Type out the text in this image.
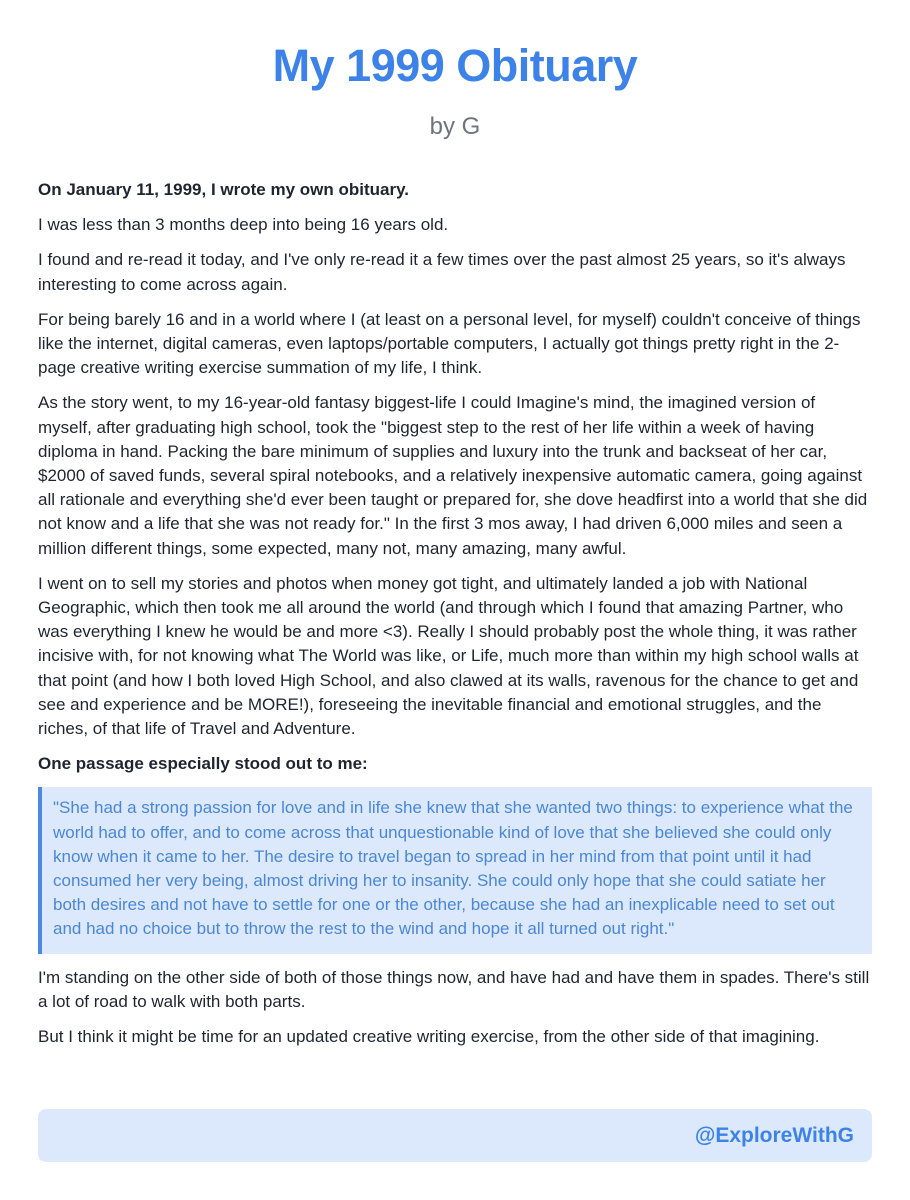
My 1999 Obituary
by G

On January 11, 1999, I wrote my own obituary.

I was less than 3 months deep into being 16 years old.

I found and re-read it today, and I've only re-read it a few times over the past almost 25 years, so it's always interesting to come across again.

For being barely 16 and in a world where I (at least on a personal level, for myself) couldn't conceive of things like the internet, digital cameras, even laptops/portable computers, I actually got things pretty right in the 2-page creative writing exercise summation of my life, I think.

As the story went, to my 16-year-old fantasy biggest-life I could Imagine's mind, the imagined version of myself, after graduating high school, took the "biggest step to the rest of her life within a week of having diploma in hand. Packing the bare minimum of supplies and luxury into the trunk and backseat of her car, $2000 of saved funds, several spiral notebooks, and a relatively inexpensive automatic camera, going against all rationale and everything she'd ever been taught or prepared for, she dove headfirst into a world that she did not know and a life that she was not ready for." In the first 3 mos away, I had driven 6,000 miles and seen a million different things, some expected, many not, many amazing, many awful.

I went on to sell my stories and photos when money got tight, and ultimately landed a job with National Geographic, which then took me all around the world (and through which I found that amazing Partner, who was everything I knew he would be and more <3). Really I should probably post the whole thing, it was rather incisive with, for not knowing what The World was like, or Life, much more than within my high school walls at that point (and how I both loved High School, and also clawed at its walls, ravenous for the chance to get and see and experience and be MORE!), foreseeing the inevitable financial and emotional struggles, and the riches, of that life of Travel and Adventure.

One passage especially stood out to me:

"She had a strong passion for love and in life she knew that she wanted two things: to experience what the world had to offer, and to come across that unquestionable kind of love that she believed she could only know when it came to her. The desire to travel began to spread in her mind from that point until it had consumed her very being, almost driving her to insanity. She could only hope that she could satiate her both desires and not have to settle for one or the other, because she had an inexplicable need to set out and had no choice but to throw the rest to the wind and hope it all turned out right."

I'm standing on the other side of both of those things now, and have had and have them in spades. There's still a lot of road to walk with both parts.

But I think it might be time for an updated creative writing exercise, from the other side of that imagining.

@ExploreWithG
